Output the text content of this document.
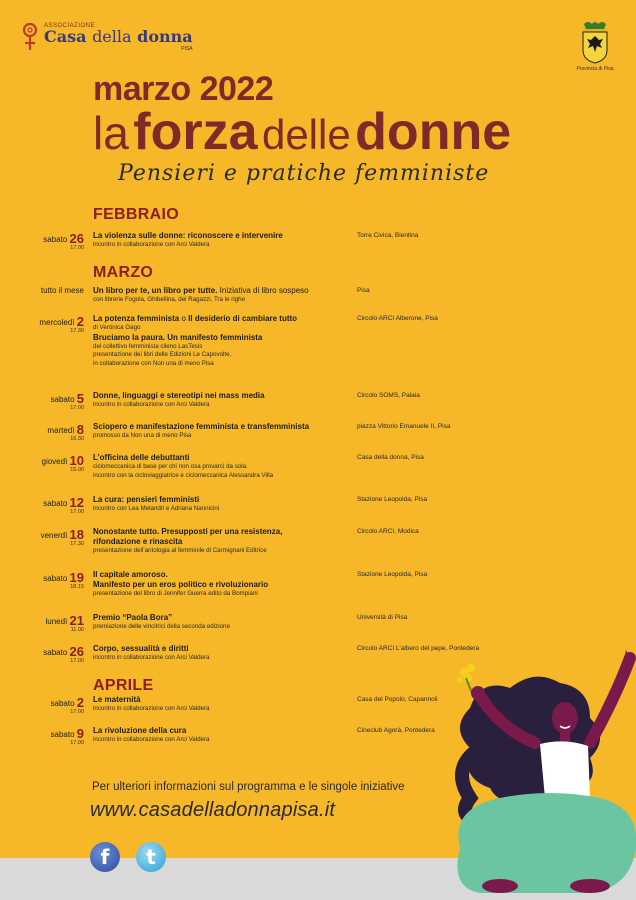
ASSOCIAZIONE
Casa della donna
PISA
Provincia di Pisa
marzo 2022
la forza delle donne
Pensieri e pratiche femministe
FEBBRAIO
MARZO
APRILE
sabato 26
17.00
La violenza sulle donne: riconoscere e intervenire
incontro in collaborazione con Arci Valdera
Torre Civica, Bientina
tutto il mese Un libro per te, un libro per tutte. Iniziativa di libro sospeso
con librerie Fogola, Ghibellina, dei Ragazzi, Tra le righe
Pisa
mercoledì 2
17.30
La potenza femminista o Il desiderio di cambiare tutto
di Verónica Gago
Bruciamo la paura. Un manifesto femminista
del collettivo femminista cileno LasTesis
presentazione dei libri delle Edizioni Le Capovolte,
in collaborazione con Non una di meno Pisa
Circolo ARCI Alberone, Pisa
sabato 5
17.00
Donne, linguaggi e stereotipi nei mass media
incontro in collaborazione con Arci Valdera
Circolo SOMS, Palaia
martedì 8
16.30
Sciopero e manifestazione femminista e transfemminista
promosso da Non una di meno Pisa
piazza Vittorio Emanuele II, Pisa
giovedì 10
15.00
L’officina delle debuttanti
ciclomeccanica di base per chi non osa provarci da sola.
incontro con la cicloviaggiatrice e ciclomeccanica Alessandra Villa
Casa della donna, Pisa
sabato 12
17.00
La cura: pensieri femministi
incontro con Lea Melandri e Adriana Nannicini
Stazione Leopolda, Pisa
venerdì 18
17.30
Nonostante tutto. Presupposti per una resistenza,
rifondazione e rinascita
presentazione dell’antologia al femminile di Carmignani Editrice
Circolo ARCI, Modica
sabato 19
18.15
Il capitale amoroso.
Manifesto per un eros politico e rivoluzionario
presentazione del libro di Jennifer Guerra edito da Bompiani
Stazione Leopolda, Pisa
lunedì 21
11.00
Premio “Paola Bora”
premiazione delle vincitrici della seconda edizione
Università di Pisa
sabato 26
17.00
Corpo, sessualità e diritti
incontro in collaborazione con Arci Valdera
Circolo ARCI L’albero del pepe, Pontedera
sabato 2
17.00
Le maternità
incontro in collaborazione con Arci Valdera
Casa del Popolo, Capannoli
sabato 9
17.00
La rivoluzione della cura
incontro in collaborazione con Arci Valdera
Cineclub Agorà, Pontedera
Per ulteriori informazioni sul programma e le singole iniziative
www.casadelladonnapisa.it
f	t
